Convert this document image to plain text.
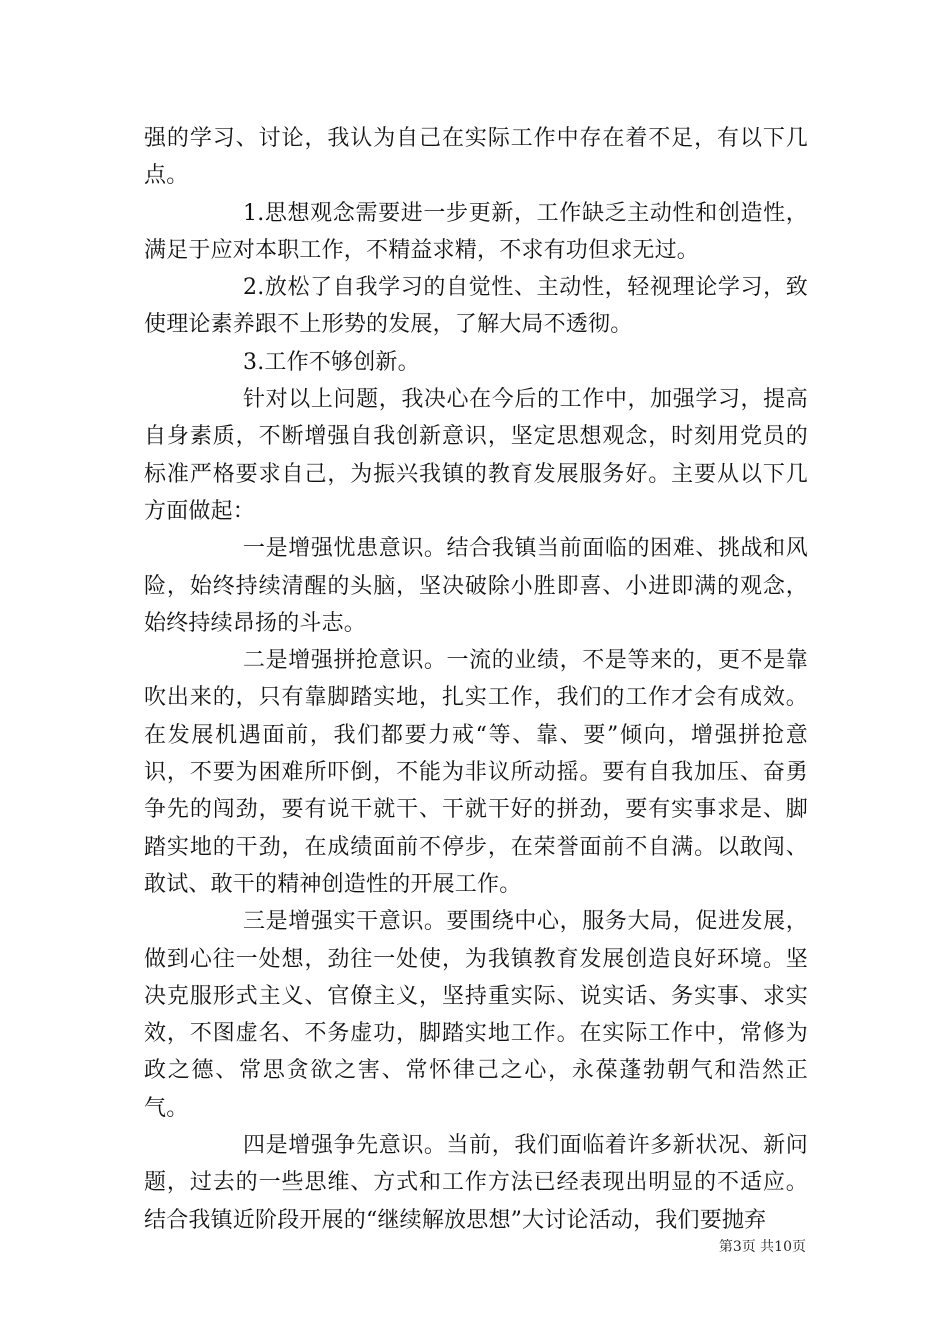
强的学习、讨论，我认为自己在实际工作中存在着不足，有以下几点。

1.思想观念需要进一步更新，工作缺乏主动性和创造性，满足于应对本职工作，不精益求精，不求有功但求无过。

2.放松了自我学习的自觉性、主动性，轻视理论学习，致使理论素养跟不上形势的发展，了解大局不透彻。

3.工作不够创新。

针对以上问题，我决心在今后的工作中，加强学习，提高自身素质，不断增强自我创新意识，坚定思想观念，时刻用党员的标准严格要求自己，为振兴我镇的教育发展服务好。主要从以下几方面做起：

一是增强忧患意识。结合我镇当前面临的困难、挑战和风险，始终持续清醒的头脑，坚决破除小胜即喜、小进即满的观念，始终持续昂扬的斗志。

二是增强拼抢意识。一流的业绩，不是等来的，更不是靠吹出来的，只有靠脚踏实地，扎实工作，我们的工作才会有成效。在发展机遇面前，我们都要力戒“等、靠、要”倾向，增强拼抢意识，不要为困难所吓倒，不能为非议所动摇。要有自我加压、奋勇争先的闯劲，要有说干就干、干就干好的拼劲，要有实事求是、脚踏实地的干劲，在成绩面前不停步，在荣誉面前不自满。以敢闯、敢试、敢干的精神创造性的开展工作。

三是增强实干意识。要围绕中心，服务大局，促进发展，做到心往一处想，劲往一处使，为我镇教育发展创造良好环境。坚决克服形式主义、官僚主义，坚持重实际、说实话、务实事、求实效，不图虚名、不务虚功，脚踏实地工作。在实际工作中，常修为政之德、常思贪欲之害、常怀律己之心，永葆蓬勃朝气和浩然正气。

四是增强争先意识。当前，我们面临着许多新状况、新问题，过去的一些思维、方式和工作方法已经表现出明显的不适应。结合我镇近阶段开展的“继续解放思想”大讨论活动，我们要抛弃

第3页 共10页
